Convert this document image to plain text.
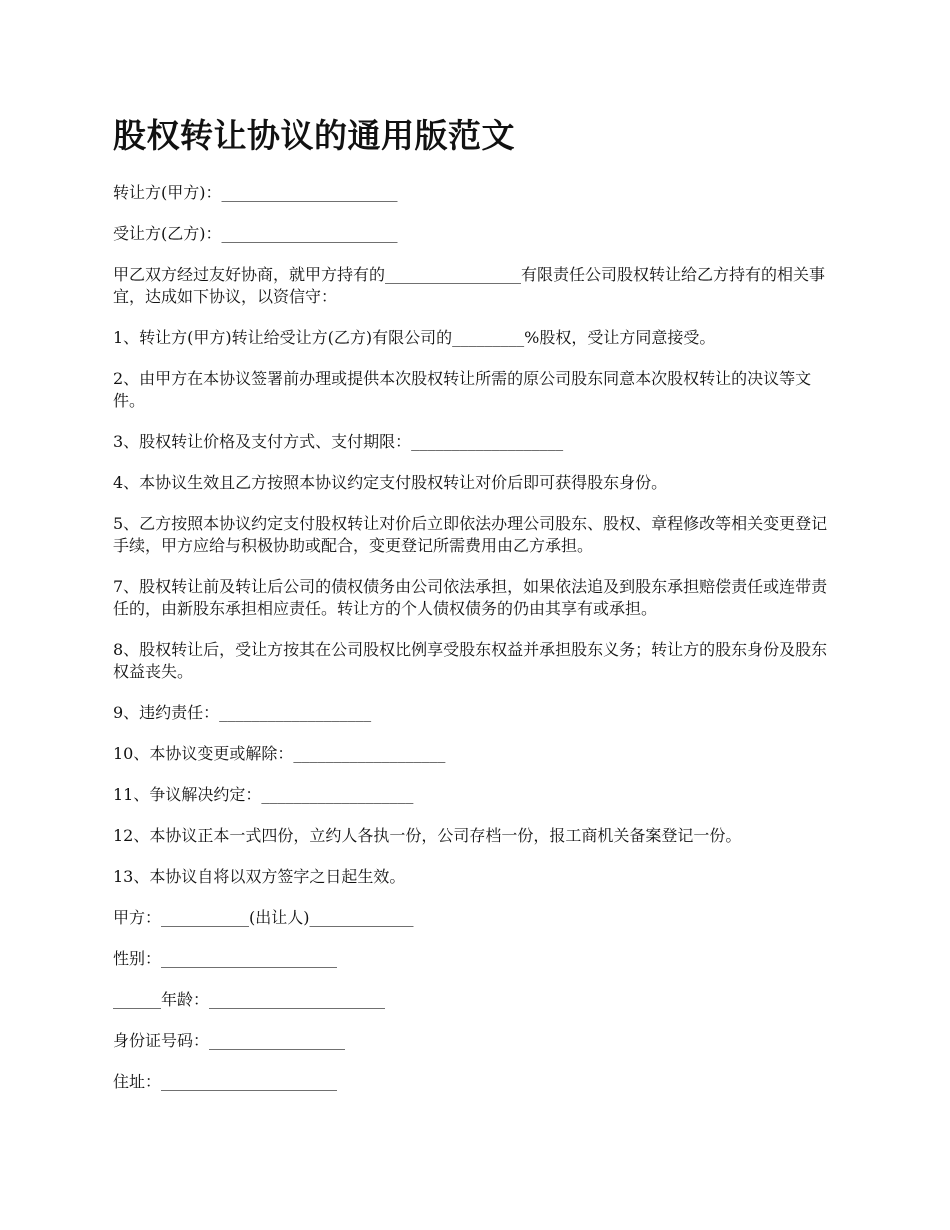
股权转让协议的通用版范文

转让方(甲方)：______________________

受让方(乙方)：______________________

甲乙双方经过友好协商，就甲方持有的_________________有限责任公司股权转让给乙方持有的相关事宜，达成如下协议，以资信守：

1、转让方(甲方)转让给受让方(乙方)有限公司的_________%股权，受让方同意接受。

2、由甲方在本协议签署前办理或提供本次股权转让所需的原公司股东同意本次股权转让的决议等文件。

3、股权转让价格及支付方式、支付期限：___________________

4、本协议生效且乙方按照本协议约定支付股权转让对价后即可获得股东身份。

5、乙方按照本协议约定支付股权转让对价后立即依法办理公司股东、股权、章程修改等相关变更登记手续，甲方应给与积极协助或配合，变更登记所需费用由乙方承担。

7、股权转让前及转让后公司的债权债务由公司依法承担，如果依法追及到股东承担赔偿责任或连带责任的，由新股东承担相应责任。转让方的个人债权债务的仍由其享有或承担。

8、股权转让后，受让方按其在公司股权比例享受股东权益并承担股东义务；转让方的股东身份及股东权益丧失。

9、违约责任：___________________

10、本协议变更或解除：___________________

11、争议解决约定：___________________

12、本协议正本一式四份，立约人各执一份，公司存档一份，报工商机关备案登记一份。

13、本协议自将以双方签字之日起生效。

甲方：___________(出让人)_____________

性别：______________________

______年龄：______________________

身份证号码：_________________

住址：______________________
